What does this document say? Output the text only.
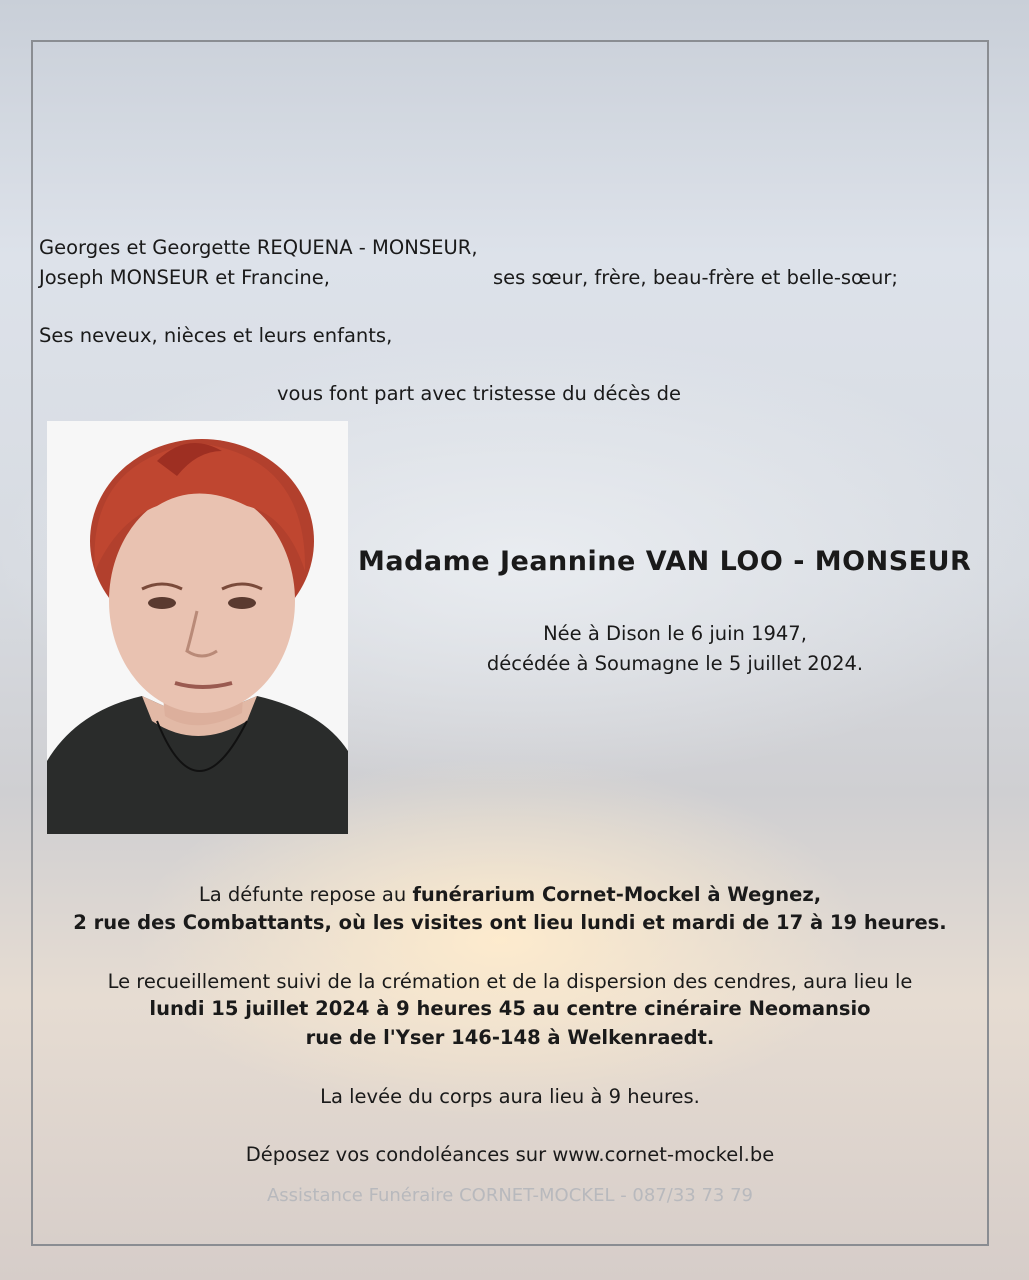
Georges et Georgette REQUENA - MONSEUR,
Joseph MONSEUR et Francine,	ses sœur, frère, beau-frère et belle-sœur;
Ses neveux, nièces et leurs enfants,
vous font part avec tristesse du décès de
Madame Jeannine VAN LOO - MONSEUR
Née à Dison le 6 juin 1947,
décédée à Soumagne le 5 juillet 2024.
La défunte repose au funérarium Cornet-Mockel à Wegnez,
2 rue des Combattants, où les visites ont lieu lundi et mardi de 17 à 19 heures.
Le recueillement suivi de la crémation et de la dispersion des cendres, aura lieu le
lundi 15 juillet 2024 à 9 heures 45 au centre cinéraire Neomansio
rue de l'Yser 146-148 à Welkenraedt.
La levée du corps aura lieu à 9 heures.
Déposez vos condoléances sur www.cornet-mockel.be
Assistance Funéraire CORNET-MOCKEL - 087/33 73 79
